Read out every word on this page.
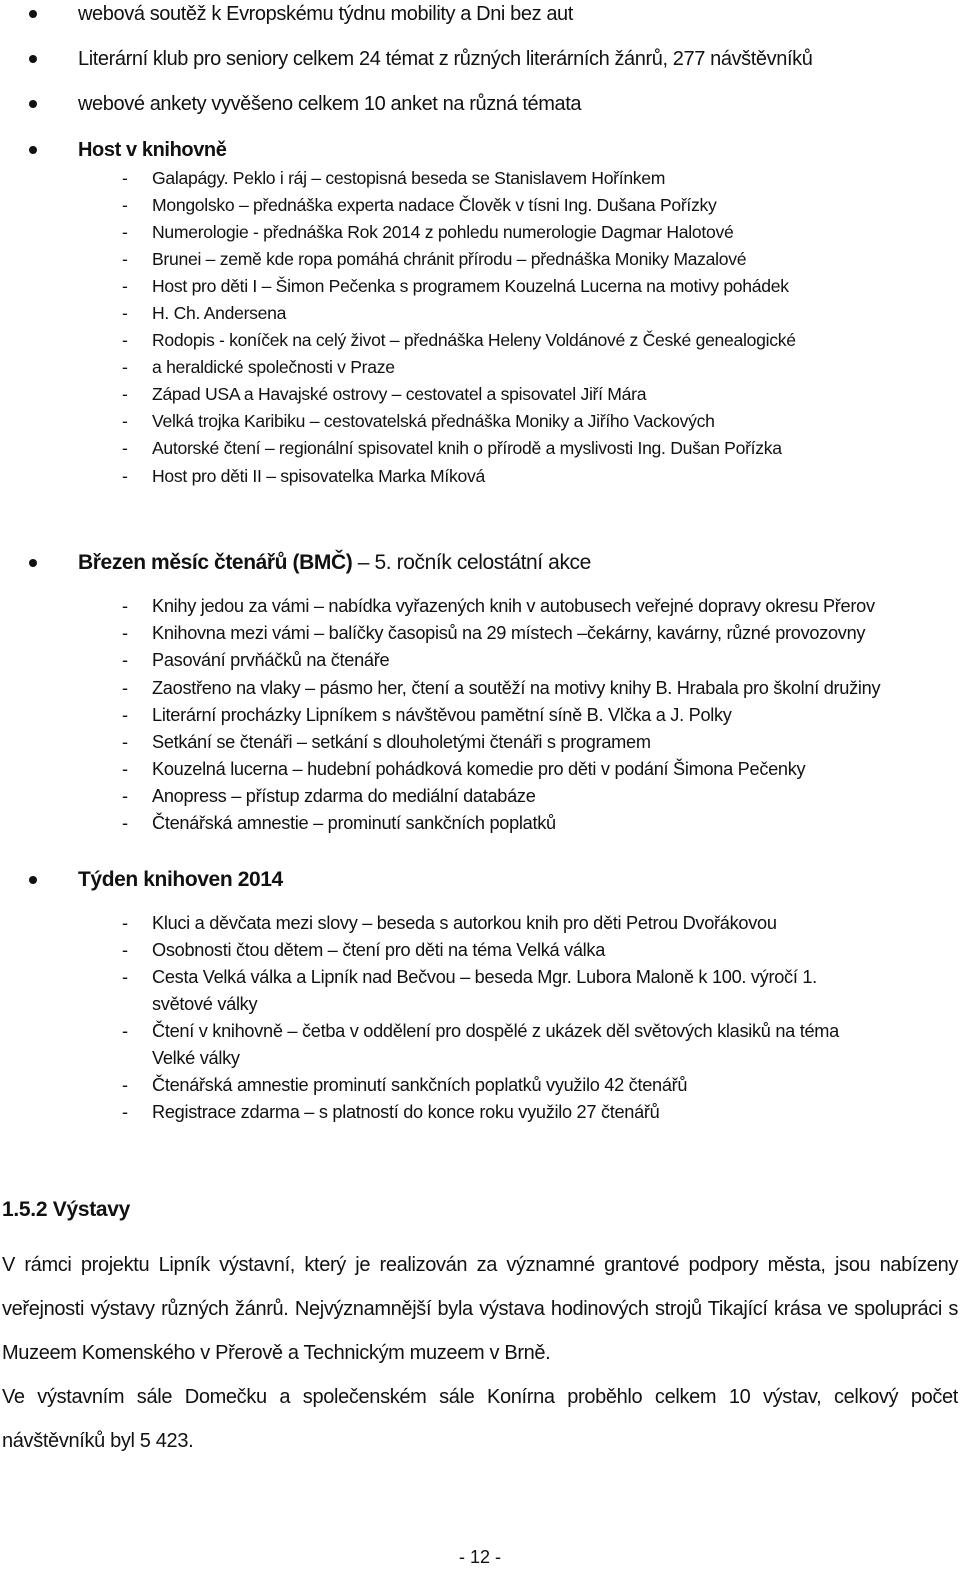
webová soutěž k Evropskému týdnu mobility a Dni bez aut
Literární klub pro seniory celkem 24 témat z různých literárních žánrů, 277 návštěvníků
webové ankety vyvěšeno celkem 10 anket na různá témata
Host v knihovně
- Galapágy. Peklo i ráj – cestopisná beseda se Stanislavem Hořínkem
- Mongolsko – přednáška experta nadace Člověk v tísni Ing. Dušana Pořízky
- Numerologie - přednáška Rok 2014 z pohledu numerologie Dagmar Halotové
- Brunei – země kde ropa pomáhá chránit přírodu – přednáška Moniky Mazalové
- Host pro děti I – Šimon Pečenka s programem Kouzelná Lucerna na motivy pohádek
- H. Ch. Andersena
- Rodopis - koníček na celý život – přednáška Heleny Voldánové z České genealogické
- a heraldické společnosti v Praze
- Západ USA a Havajské ostrovy – cestovatel a spisovatel Jiří Mára
- Velká trojka Karibiku – cestovatelská přednáška Moniky a Jiřího Vackových
- Autorské čtení – regionální spisovatel knih o přírodě a myslivosti Ing. Dušan Pořízka
- Host pro děti II – spisovatelka Marka Míková
Březen měsíc čtenářů (BMČ) – 5. ročník celostátní akce
- Knihy jedou za vámi – nabídka vyřazených knih v autobusech veřejné dopravy okresu Přerov
- Knihovna mezi vámi – balíčky časopisů na 29 místech –čekárny, kavárny, různé provozovny
- Pasování prvňáčků na čtenáře
- Zaostřeno na vlaky – pásmo her, čtení a soutěží na motivy knihy B. Hrabala pro školní družiny
- Literární procházky Lipníkem s návštěvou pamětní síně B. Vlčka a J. Polky
- Setkání se čtenáři – setkání s dlouholetými čtenáři s programem
- Kouzelná lucerna – hudební pohádková komedie pro děti v podání Šimona Pečenky
- Anopress – přístup zdarma do mediální databáze
- Čtenářská amnestie – prominutí sankčních poplatků
Týden knihoven 2014
- Kluci a děvčata mezi slovy – beseda s autorkou knih pro děti Petrou Dvořákovou
- Osobnosti čtou dětem – čtení pro děti na téma Velká válka
- Cesta Velká válka a Lipník nad Bečvou – beseda Mgr. Lubora Maloně k 100. výročí 1.
světové války
- Čtení v knihovně – četba v oddělení pro dospělé z ukázek děl světových klasiků na téma
Velké války
- Čtenářská amnestie prominutí sankčních poplatků využilo 42 čtenářů
- Registrace zdarma – s platností do konce roku využilo 27 čtenářů
1.5.2 Výstavy

V rámci projektu Lipník výstavní, který je realizován za významné grantové podpory města, jsou nabízeny veřejnosti výstavy různých žánrů. Nejvýznamnější byla výstava hodinových strojů Tikající krása ve spolupráci s Muzeem Komenského v Přerově a Technickým muzeem v Brně.

Ve výstavním sále Domečku a společenském sále Konírna proběhlo celkem 10 výstav, celkový počet návštěvníků byl 5 423.

- 12 -
